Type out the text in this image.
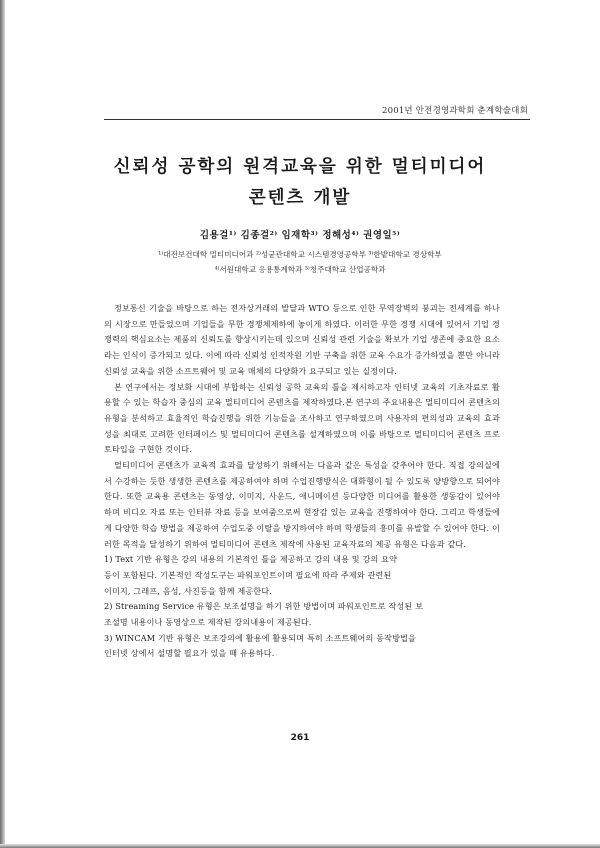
2001년 안전경영과학회 춘계학술대회
신뢰성 공학의 원격교육을 위한 멀티미디어
콘텐츠 개발
김용걸¹⁾ 김종걸²⁾ 임재학³⁾ 정해성⁴⁾ 권영일⁵⁾
¹⁾대전보건대학 멀티미디어과 ²⁾성균관대학교 시스템경영공학부 ³⁾한밭대학교 경상학부
⁴⁾서원대학교 응용통계학과 ⁵⁾청주대학교 산업공학과

정보통신 기술을 바탕으로 하는 전자상거래의 발달과 WTO 등으로 인한 무역장벽의 붕괴는 전세계를 하나의 시장으로 만들었으며 기업들을 무한 경쟁체제하에 놓이게 하였다. 이러한 무한 경쟁 시대에 있어서 기업 경쟁력의 핵심요소는 제품의 신뢰도를 향상시키는데 있으며 신뢰성 관련 기술을 확보가 기업 생존에 중요한 요소라는 인식이 증가되고 있다. 이에 따라 신뢰성 인적자원 기반 구축을 위한 교육 수요가 증가하였을 뿐만 아니라 신뢰성 교육을 위한 소프트웨어 및 교육 매체의 다양화가 요구되고 있는 실정이다.

본 연구에서는 정보화 시대에 부합하는 신뢰성 공학 교육의 틀을 제시하고자 인터넷 교육의 기초자료로 활용할 수 있는 학습자 중심의 교육 멀티미디어 콘텐츠를 제작하였다.본 연구의 주요내용은 멀티미디어 콘텐츠의 유형을 분석하고 효율적인 학습진행을 위한 기능들을 조사하고 연구하였으며 사용자의 편의성과 교육의 효과성을 최대로 고려한 인터페이스 및 멀티미디어 콘텐츠를 설계하였으며 이를 바탕으로 멀티미디어 콘텐츠 프로토타입을 구현한 것이다.

멀티미디어 콘텐츠가 교육적 효과를 달성하기 위해서는 다음과 같은 특성을 갖추어야 한다. 직접 강의실에서 수강하는 듯한 생생한 콘텐츠를 제공하여야 하며 수업진행방식은 대화형이 될 수 있도록 양방향으로 되어야 한다. 또한 교육용 콘텐츠는 동영상, 이미지, 사운드, 애니메이션 등다양한 미디어를 활용한 생동감이 있어야 하며 비디오 자료 또는 인터뷰 자료 등을 보여줌으로써 현장감 있는 교육을 진행하여야 한다. 그리고 학생들에게 다양한 학습 방법을 제공하여 수업도중 이탈을 방지하여야 하며 학생들의 흥미를 유발할 수 있어야 한다. 이러한 목적을 달성하기 위하여 멀티미디어 콘텐츠 제작에 사용된 교육자료의 제공 유형은 다음과 같다.

1) Text 기반 유형은 강의 내용의 기본적인 틀을 제공하고 강의 내용 및 강의 요약

등이 포함된다. 기본적인 작성도구는 파워포인트이며 필요에 따라 주제와 관련된

이미지, 그래프, 음성, 사진등을 함께 제공한다.

2) Streaming Service 유형은 보조설명을 하기 위한 방법이며 파워포인트로 작성된 보

조설명 내용이나 동영상으로 제작된 강의내용이 제공된다.

3) WINCAM 기반 유형은 보조강의에 활용에 활용되며 특히 소프트웨어의 동작방법을

인터넷 상에서 설명할 필요가 있을 때 유용하다.

261
